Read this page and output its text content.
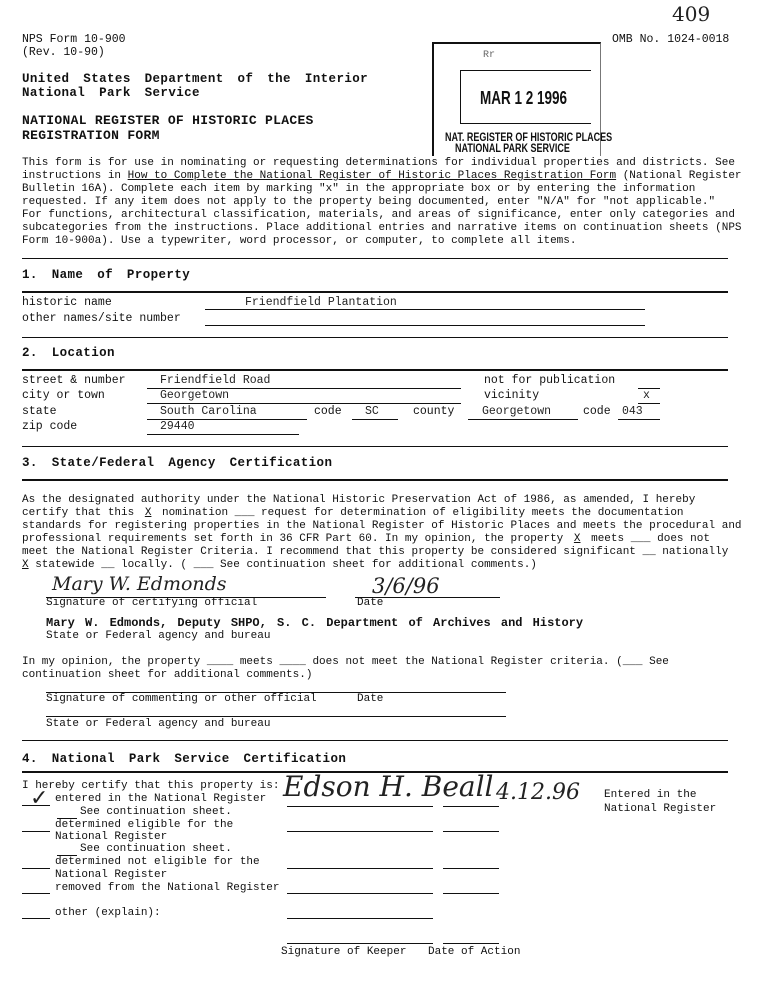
NPS Form 10-900
(Rev. 10-90)
OMB No. 1024-0018
409
United States Department of the Interior
National Park Service
NATIONAL REGISTER OF HISTORIC PLACES
REGISTRATION FORM
Rr
MAR 1 2 1996
NAT. REGISTER OF HISTORIC PLACES
NATIONAL PARK SERVICE
This form is for use in nominating or requesting determinations for individual properties and districts. See
instructions in How to Complete the National Register of Historic Places Registration Form (National Register
Bulletin 16A). Complete each item by marking "x" in the appropriate box or by entering the information
requested. If any item does not apply to the property being documented, enter "N/A" for "not applicable."
For functions, architectural classification, materials, and areas of significance, enter only categories and
subcategories from the instructions. Place additional entries and narrative items on continuation sheets (NPS
Form 10-900a). Use a typewriter, word processor, or computer, to complete all items.
1. Name of Property
historic name	Friendfield Plantation
other names/site number
2. Location
street & number	Friendfield Road	not for publication
city or town	Georgetown	vicinity	x
state	South Carolina	code SC	county Georgetown	code 043
zip code	29440
3. State/Federal Agency Certification
As the designated authority under the National Historic Preservation Act of 1986, as amended, I hereby
certify that this X nomination ___ request for determination of eligibility meets the documentation
standards for registering properties in the National Register of Historic Places and meets the procedural and
professional requirements set forth in 36 CFR Part 60. In my opinion, the property X meets ___ does not
meet the National Register Criteria. I recommend that this property be considered significant __ nationally
X statewide __ locally. ( ___ See continuation sheet for additional comments.)
Mary W. Edmonds	3/6/96
Signature of certifying official	Date
Mary W. Edmonds, Deputy SHPO, S. C. Department of Archives and History
State or Federal agency and bureau
In my opinion, the property ____ meets ____ does not meet the National Register criteria. (___ See
continuation sheet for additional comments.)
Signature of commenting or other official	Date
State or Federal agency and bureau
4. National Park Service Certification
I hereby certify that this property is:
✓ entered in the National Register
See continuation sheet.
determined eligible for the
National Register
See continuation sheet.
determined not eligible for the
National Register
removed from the National Register
other (explain):
Edson H. Beall 4.12.96 Entered in the
National Register
Signature of Keeper Date of Action
